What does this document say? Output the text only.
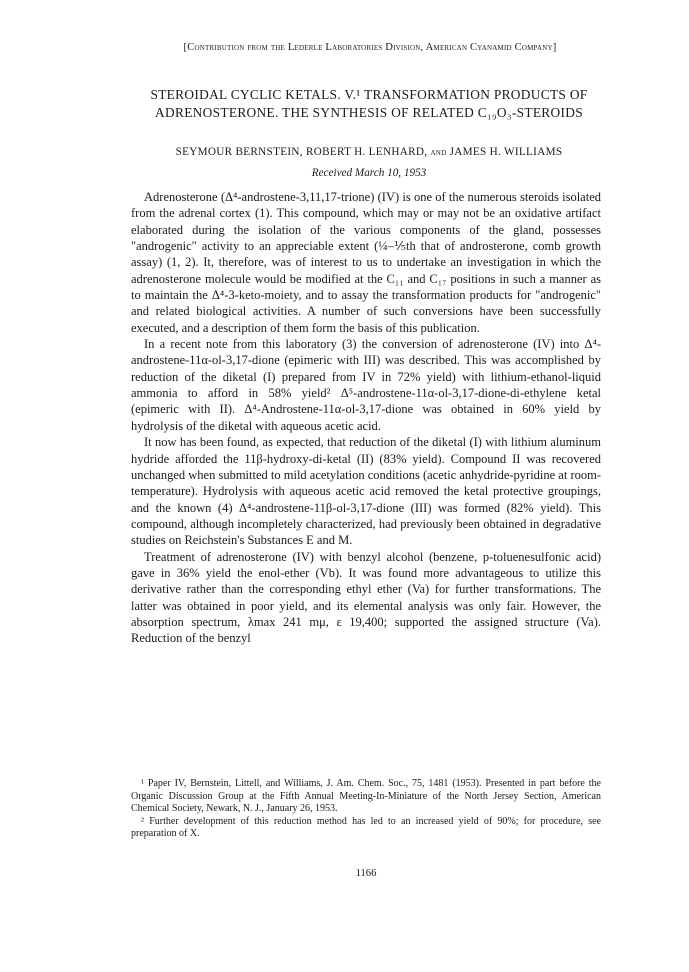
[Contribution from the Lederle Laboratories Division, American Cyanamid Company]
STEROIDAL CYCLIC KETALS. V.¹ TRANSFORMATION PRODUCTS OF ADRENOSTERONE. THE SYNTHESIS OF RELATED C₁₉O₃-STEROIDS
SEYMOUR BERNSTEIN, ROBERT H. LENHARD, and JAMES H. WILLIAMS
Received March 10, 1953

Adrenosterone (Δ⁴-androstene-3,11,17-trione) (IV) is one of the numerous steroids isolated from the adrenal cortex (1). This compound, which may or may not be an oxidative artifact elaborated during the isolation of the various components of the gland, possesses "androgenic" activity to an appreciable extent (¼–⅕th that of androsterone, comb growth assay) (1, 2). It, therefore, was of interest to us to undertake an investigation in which the adrenosterone molecule would be modified at the C₁₁ and C₁₇ positions in such a manner as to maintain the Δ⁴-3-keto-moiety, and to assay the transformation products for "androgenic" and related biological activities. A number of such conversions have been successfully executed, and a description of them form the basis of this publication.

In a recent note from this laboratory (3) the conversion of adrenosterone (IV) into Δ⁴-androstene-11α-ol-3,17-dione (epimeric with III) was described. This was accomplished by reduction of the diketal (I) prepared from IV in 72% yield) with lithium-ethanol-liquid ammonia to afford in 58% yield² Δ⁵-androstene-11α-ol-3,17-dione-di-ethylene ketal (epimeric with II). Δ⁴-Androstene-11α-ol-3,17-dione was obtained in 60% yield by hydrolysis of the diketal with aqueous acetic acid.

It now has been found, as expected, that reduction of the diketal (I) with lithium aluminum hydride afforded the 11β-hydroxy-di-ketal (II) (83% yield). Compound II was recovered unchanged when submitted to mild acetylation conditions (acetic anhydride-pyridine at room-temperature). Hydrolysis with aqueous acetic acid removed the ketal protective groupings, and the known (4) Δ⁴-androstene-11β-ol-3,17-dione (III) was formed (82% yield). This compound, although incompletely characterized, had previously been obtained in degradative studies on Reichstein's Substances E and M.

Treatment of adrenosterone (IV) with benzyl alcohol (benzene, p-toluenesulfonic acid) gave in 36% yield the enol-ether (Vb). It was found more advantageous to utilize this derivative rather than the corresponding ethyl ether (Va) for further transformations. The latter was obtained in poor yield, and its elemental analysis was only fair. However, the absorption spectrum, λmax 241 mμ, ε 19,400; supported the assigned structure (Va). Reduction of the benzyl

¹ Paper IV, Bernstein, Littell, and Williams, J. Am. Chem. Soc., 75, 1481 (1953). Presented in part before the Organic Discussion Group at the Fifth Annual Meeting-In-Miniature of the North Jersey Section, American Chemical Society, Newark, N. J., January 26, 1953.

² Further development of this reduction method has led to an increased yield of 90%; for procedure, see preparation of X.

1166
